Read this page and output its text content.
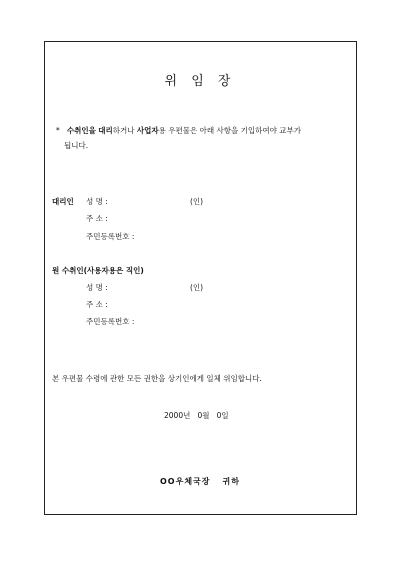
위 임 장
* 수취인을 대리하거나 사업자용 우편물은 아래 사항을 기입하여야 교부가
됩니다.
대리인 성 명 :	(인)
주 소 :
주민등록번호 :
원 수취인(사용자용은 직인)
성 명 :	(인)
주 소 :
주민등록번호 :
본 우편물 수령에 관한 모든 권한을 상기인에게 일체 위임합니다.
2000년   0월   0일
OO우체국장 귀하
